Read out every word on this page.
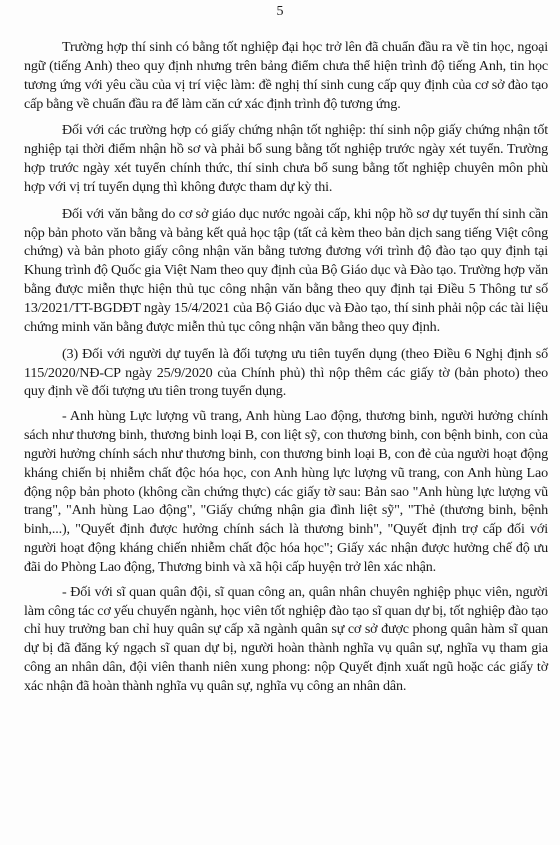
5

Trường hợp thí sinh có bằng tốt nghiệp đại học trở lên đã chuẩn đầu ra về tin học, ngoại ngữ (tiếng Anh) theo quy định nhưng trên bảng điểm chưa thể hiện trình độ tiếng Anh, tin học tương ứng với yêu cầu của vị trí việc làm: đề nghị thí sinh cung cấp quy định của cơ sở đào tạo cấp bằng về chuẩn đầu ra để làm căn cứ xác định trình độ tương ứng.

Đối với các trường hợp có giấy chứng nhận tốt nghiệp: thí sinh nộp giấy chứng nhận tốt nghiệp tại thời điểm nhận hồ sơ và phải bổ sung bằng tốt nghiệp trước ngày xét tuyển. Trường hợp trước ngày xét tuyển chính thức, thí sinh chưa bổ sung bằng tốt nghiệp chuyên môn phù hợp với vị trí tuyển dụng thì không được tham dự kỳ thi.

Đối với văn bằng do cơ sở giáo dục nước ngoài cấp, khi nộp hồ sơ dự tuyển thí sinh cần nộp bản photo văn bằng và bảng kết quả học tập (tất cả kèm theo bản dịch sang tiếng Việt công chứng) và bản photo giấy công nhận văn bằng tương đương với trình độ đào tạo quy định tại Khung trình độ Quốc gia Việt Nam theo quy định của Bộ Giáo dục và Đào tạo. Trường hợp văn bằng được miễn thực hiện thủ tục công nhận văn bằng theo quy định tại Điều 5 Thông tư số 13/2021/TT-BGDĐT ngày 15/4/2021 của Bộ Giáo dục và Đào tạo, thí sinh phải nộp các tài liệu chứng minh văn bằng được miễn thủ tục công nhận văn bằng theo quy định.

(3) Đối với người dự tuyển là đối tượng ưu tiên tuyển dụng (theo Điều 6 Nghị định số 115/2020/NĐ-CP ngày 25/9/2020 của Chính phủ) thì nộp thêm các giấy tờ (bản photo) theo quy định về đối tượng ưu tiên trong tuyển dụng.

- Anh hùng Lực lượng vũ trang, Anh hùng Lao động, thương binh, người hưởng chính sách như thương binh, thương binh loại B, con liệt sỹ, con thương binh, con bệnh binh, con của người hưởng chính sách như thương binh, con thương binh loại B, con đẻ của người hoạt động kháng chiến bị nhiễm chất độc hóa học, con Anh hùng lực lượng vũ trang, con Anh hùng Lao động nộp bản photo (không cần chứng thực) các giấy tờ sau: Bản sao "Anh hùng lực lượng vũ trang", "Anh hùng Lao động", "Giấy chứng nhận gia đình liệt sỹ", "Thẻ (thương binh, bệnh binh,...), "Quyết định được hưởng chính sách là thương binh", "Quyết định trợ cấp đối với người hoạt động kháng chiến nhiễm chất độc hóa học"; Giấy xác nhận được hưởng chế độ ưu đãi do Phòng Lao động, Thương binh và xã hội cấp huyện trở lên xác nhận.

- Đối với sĩ quan quân đội, sĩ quan công an, quân nhân chuyên nghiệp phục viên, người làm công tác cơ yếu chuyển ngành, học viên tốt nghiệp đào tạo sĩ quan dự bị, tốt nghiệp đào tạo chỉ huy trưởng ban chỉ huy quân sự cấp xã ngành quân sự cơ sở được phong quân hàm sĩ quan dự bị đã đăng ký ngạch sĩ quan dự bị, người hoàn thành nghĩa vụ quân sự, nghĩa vụ tham gia công an nhân dân, đội viên thanh niên xung phong: nộp Quyết định xuất ngũ hoặc các giấy tờ xác nhận đã hoàn thành nghĩa vụ quân sự, nghĩa vụ công an nhân dân.
